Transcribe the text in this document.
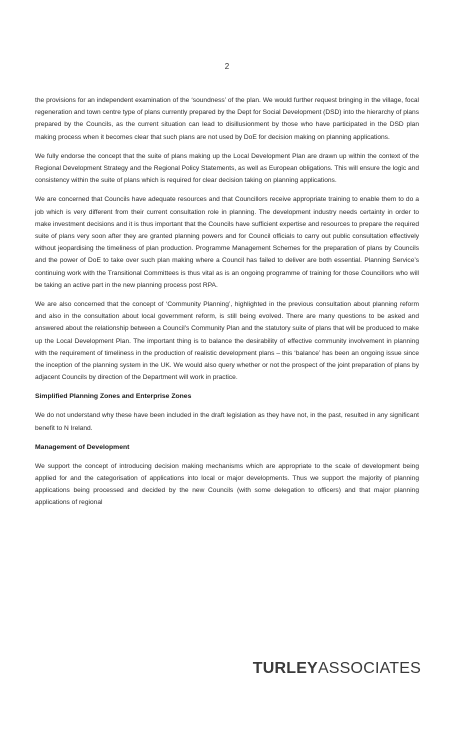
2

the provisions for an independent examination of the ‘soundness’ of the plan. We would further request bringing in the village, focal regeneration and town centre type of plans currently prepared by the Dept for Social Development (DSD) into the hierarchy of plans prepared by the Councils, as the current situation can lead to disillusionment by those who have participated in the DSD plan making process when it becomes clear that such plans are not used by DoE for decision making on planning applications.

We fully endorse the concept that the suite of plans making up the Local Development Plan are drawn up within the context of the Regional Development Strategy and the Regional Policy Statements, as well as European obligations. This will ensure the logic and consistency within the suite of plans which is required for clear decision taking on planning applications.

We are concerned that Councils have adequate resources and that Councillors receive appropriate training to enable them to do a job which is very different from their current consultation role in planning. The development industry needs certainty in order to make investment decisions and it is thus important that the Councils have sufficient expertise and resources to prepare the required suite of plans very soon after they are granted planning powers and for Council officials to carry out public consultation effectively without jeopardising the timeliness of plan production. Programme Management Schemes for the preparation of plans by Councils and the power of DoE to take over such plan making where a Council has failed to deliver are both essential. Planning Service’s continuing work with the Transitional Committees is thus vital as is an ongoing programme of training for those Councillors who will be taking an active part in the new planning process post RPA.

We are also concerned that the concept of ‘Community Planning’, highlighted in the previous consultation about planning reform and also in the consultation about local government reform, is still being evolved. There are many questions to be asked and answered about the relationship between a Council’s Community Plan and the statutory suite of plans that will be produced to make up the Local Development Plan. The important thing is to balance the desirability of effective community involvement in planning with the requirement of timeliness in the production of realistic development plans – this ‘balance’ has been an ongoing issue since the inception of the planning system in the UK. We would also query whether or not the prospect of the joint preparation of plans by adjacent Councils by direction of the Department will work in practice.

Simplified Planning Zones and Enterprise Zones

We do not understand why these have been included in the draft legislation as they have not, in the past, resulted in any significant benefit to N Ireland.

Management of Development

We support the concept of introducing decision making mechanisms which are appropriate to the scale of development being applied for and the categorisation of applications into local or major developments. Thus we support the majority of planning applications being processed and decided by the new Councils (with some delegation to officers) and that major planning applications of regional

TURLEYASSOCIATES
